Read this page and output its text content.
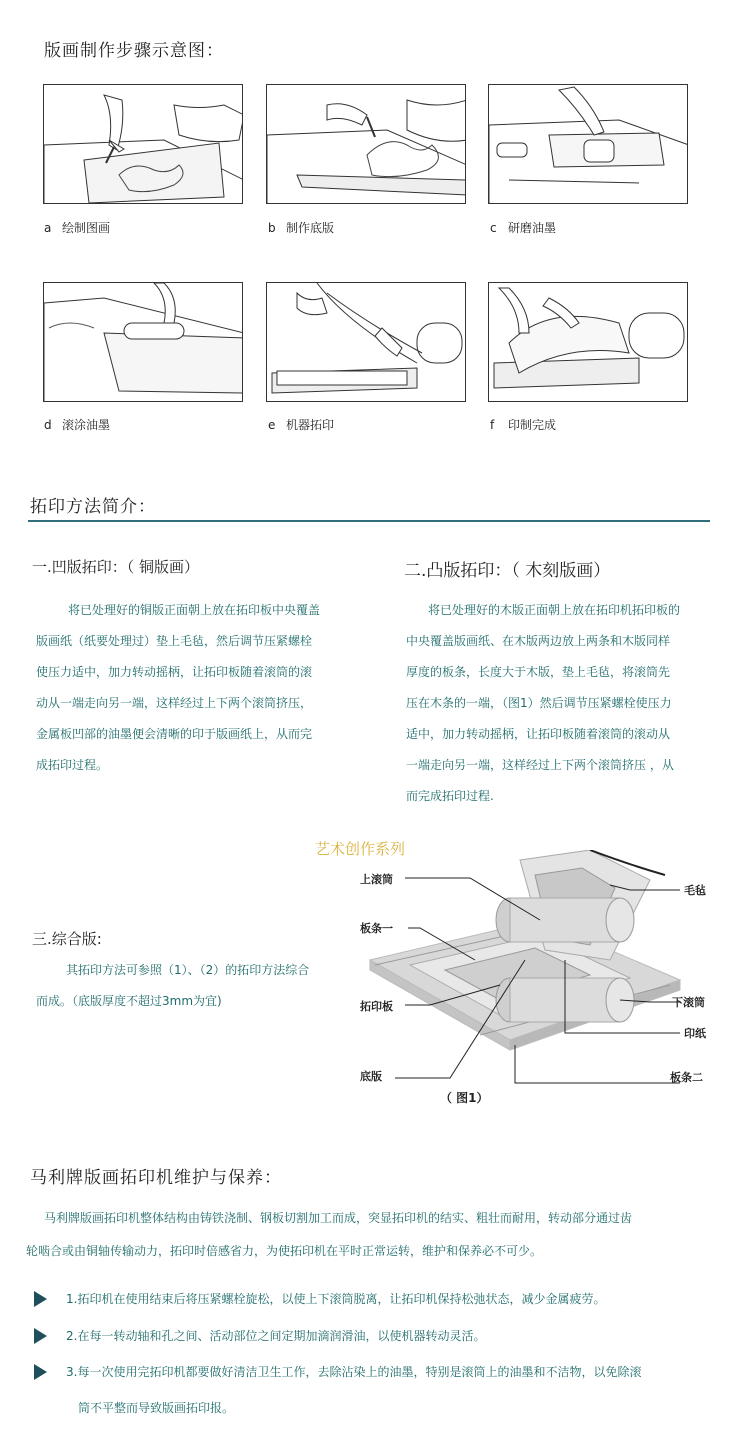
版画制作步骤示意图：
a 绘制图画	b 制作底版	c 研磨油墨
d 滚涂油墨	e 机器拓印	f 印制完成
拓印方法简介：
一.凹版拓印：（ 铜版画）
将已处理好的铜版正面朝上放在拓印板中央覆盖
版画纸（纸要处理过）垫上毛毡，然后调节压紧螺栓
使压力适中，加力转动摇柄，让拓印板随着滚筒的滚
动从一端走向另一端，这样经过上下两个滚筒挤压，
金属板凹部的油墨便会清晰的印于版画纸上，从而完
成拓印过程。
二.凸版拓印：（ 木刻版画）
将已处理好的木版正面朝上放在拓印机拓印板的
中央覆盖版画纸、在木版两边放上两条和木版同样
厚度的板条，长度大于木版，垫上毛毡，将滚筒先
压在木条的一端，（图1）然后调节压紧螺栓使压力
适中，加力转动摇柄，让拓印板随着滚筒的滚动从
一端走向另一端，这样经过上下两个滚筒挤压 ，从
而完成拓印过程.
艺术创作系列
上滚筒
毛毡
板条一
拓印板	下滚筒
印纸
底版	板条二
（ 图1）
三.综合版:
其拓印方法可参照（1）、（2）的拓印方法综合
而成。（底版厚度不超过3mm为宜)
马利牌版画拓印机维护与保养：
马利牌版画拓印机整体结构由铸铁浇制、钢板切割加工而成，突显拓印机的结实、粗壮而耐用，转动部分通过齿
轮啮合或由铜轴传输动力，拓印时倍感省力，为使拓印机在平时正常运转，维护和保养必不可少。
1.拓印机在使用结束后将压紧螺栓旋松，以使上下滚筒脱离，让拓印机保持松弛状态，减少金属疲劳。
2.在每一转动轴和孔之间、活动部位之间定期加滴润滑油，以使机器转动灵活。
3.每一次使用完拓印机都要做好清洁卫生工作，去除沾染上的油墨，特别是滚筒上的油墨和不洁物，以免除滚
筒不平整而导致版画拓印报。
